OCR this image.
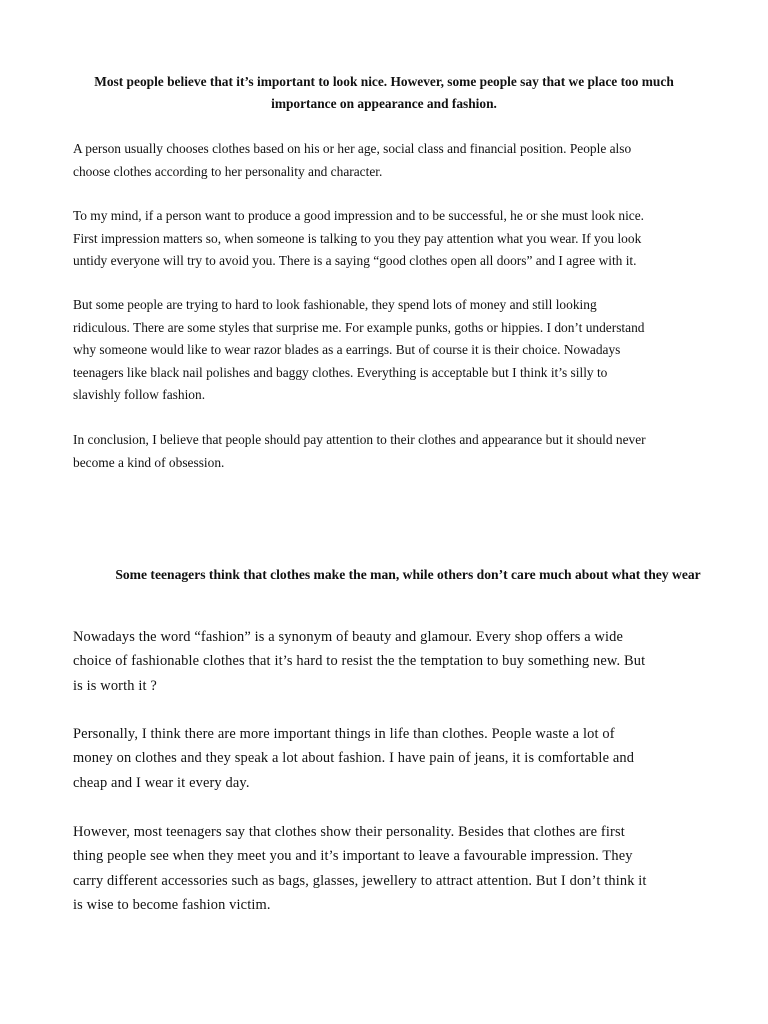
Most people believe that it’s important to look nice. However, some people say that we place too much importance on appearance and fashion.

A person usually chooses clothes based on his or her age, social class and financial position. People also
choose clothes according to her personality and character.

To my mind, if a person want to produce a good impression and to be successful, he or she must look nice.
First impression matters so, when someone is talking to you they pay attention what you wear. If you look
untidy everyone will try to avoid you. There is a saying “good clothes open all doors” and I agree with it.

But some people are trying to hard to look fashionable, they spend lots of money and still looking
ridiculous. There are some styles that surprise me. For example punks, goths or hippies. I don’t understand
why someone would like to wear razor blades as a earrings. But of course it is their choice. Nowadays
teenagers like black nail polishes and baggy clothes. Everything is acceptable but I think it’s silly to
slavishly follow fashion.

In conclusion, I believe that people should pay attention to their clothes and appearance but it should never
become a kind of obsession.

Some teenagers think that clothes make the man, while others don’t care much about what they wear

Nowadays the word “fashion” is a synonym of beauty and glamour. Every shop offers a wide
choice of fashionable clothes that it’s hard to resist the the temptation to buy something new. But
is is worth it ?

Personally, I think there are more important things in life than clothes. People waste a lot of
money on clothes and they speak a lot about fashion. I have pain of jeans, it is comfortable and
cheap and I wear it every day.

However, most teenagers say that clothes show their personality. Besides that clothes are first
thing people see when they meet you and it’s important to leave a favourable impression. They
carry different accessories such as bags, glasses, jewellery to attract attention. But I don’t think it
is wise to become fashion victim.
